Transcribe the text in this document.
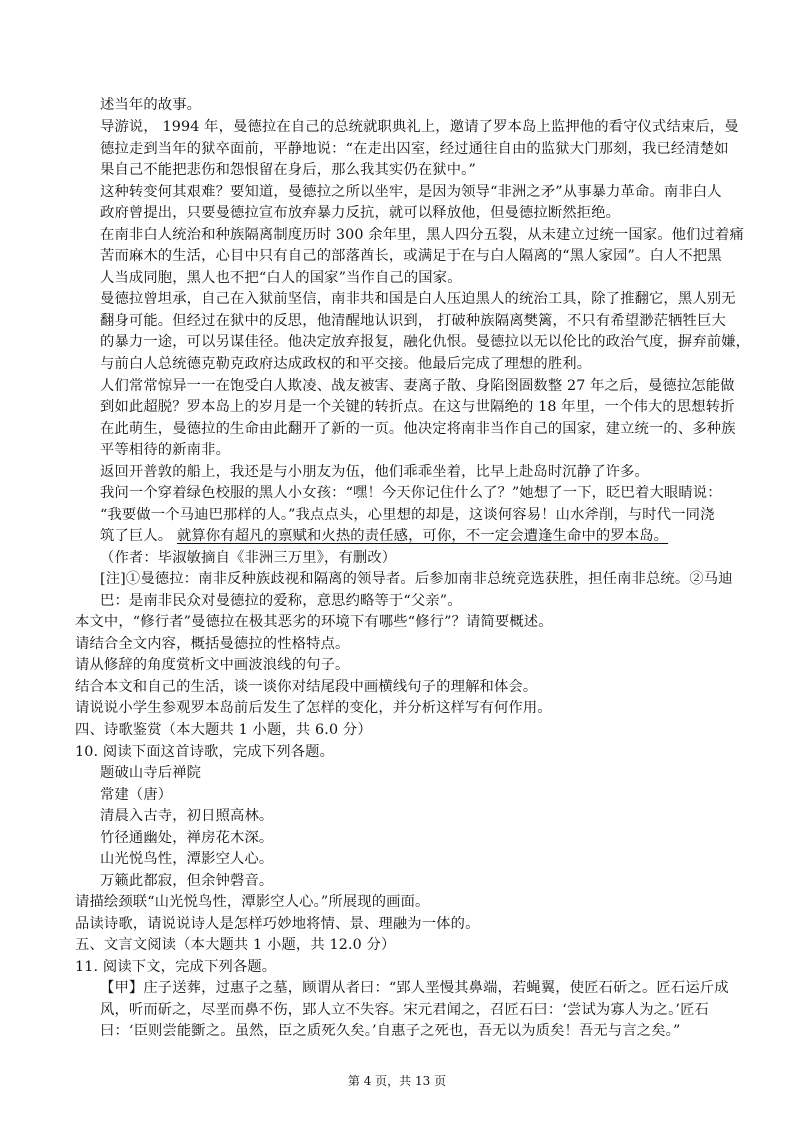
述当年的故事。
导游说， 1994 年，曼德拉在自己的总统就职典礼上，邀请了罗本岛上监押他的看守仪式结束后，曼
德拉走到当年的狱卒面前，平静地说：“在走出囚室，经过通往自由的监狱大门那刻，我已经清楚如
果自己不能把悲伤和怨恨留在身后，那么我其实仍在狱中。”
这种转变何其艰难？要知道，曼德拉之所以坐牢，是因为领导“非洲之矛”从事暴力革命。南非白人
政府曾提出，只要曼德拉宣布放弃暴力反抗，就可以释放他，但曼德拉断然拒绝。
在南非白人统治和种族隔离制度历时 300 余年里，黑人四分五裂，从未建立过统一国家。他们过着痛
苦而麻木的生活，心目中只有自己的部落酋长，或满足于在与白人隔离的“黑人家园”。白人不把黑
人当成同胞，黑人也不把“白人的国家”当作自己的国家。
曼德拉曾坦承，自己在入狱前坚信，南非共和国是白人压迫黑人的统治工具，除了推翻它，黑人别无
翻身可能。但经过在狱中的反思，他清醒地认识到， 打破种族隔离樊篱，不只有希望渺茫牺牲巨大
的暴力一途，可以另谋佳径。他决定放弃报复，融化仇恨。曼德拉以无以伦比的政治气度，摒弃前嫌，
与前白人总统德克勒克政府达成政权的和平交接。他最后完成了理想的胜利。
人们常常惊异一一在饱受白人欺凌、战友被害、妻离子散、身陷囹圄数整 27 年之后，曼德拉怎能做
到如此超脱？罗本岛上的岁月是一个关键的转折点。在这与世隔绝的 18 年里，一个伟大的思想转折
在此萌生，曼德拉的生命由此翻开了新的一页。他决定将南非当作自己的国家，建立统一的、多种族
平等相待的新南非。
返回开普敦的船上，我还是与小朋友为伍，他们乖乖坐着，比早上赴岛时沉静了许多。
我问一个穿着绿色校服的黑人小女孩：“嘿！今天你记住什么了？”她想了一下，眨巴着大眼睛说：
“我要做一个马迪巴那样的人。”我点点头，心里想的却是，这谈何容易！山水斧削，与时代一同浇
筑了巨人。 就算你有超凡的禀赋和火热的责任感，可你，不一定会遭逢生命中的罗本岛。
（作者：毕淑敏摘自《非洲三万里》，有删改）
[注]①曼德拉：南非反种族歧视和隔离的领导者。后参加南非总统竞选获胜，担任南非总统。②马迪
巴：是南非民众对曼德拉的爱称，意思约略等于“父亲”。
本文中，“修行者”曼德拉在极其恶劣的环境下有哪些“修行”？请简要概述。
请结合全文内容，概括曼德拉的性格特点。
请从修辞的角度赏析文中画波浪线的句子。
结合本文和自己的生活，谈一谈你对结尾段中画横线句子的理解和体会。
请说说小学生参观罗本岛前后发生了怎样的变化，并分析这样写有何作用。
四、诗歌鉴赏（本大题共 1 小题，共 6.0 分）
10. 阅读下面这首诗歌，完成下列各题。
题破山寺后禅院
常建（唐）
清晨入古寺，初日照高林。
竹径通幽处，禅房花木深。
山光悦鸟性，潭影空人心。
万籁此都寂，但余钟磬音。
请描绘颈联“山光悦鸟性，潭影空人心。”所展现的画面。
品读诗歌，请说说诗人是怎样巧妙地将情、景、理融为一体的。
五、文言文阅读（本大题共 1 小题，共 12.0 分）
11. 阅读下文，完成下列各题。
【甲】庄子送葬，过惠子之墓，顾谓从者曰：“郢人垩慢其鼻端，若蝇翼，使匠石斫之。匠石运斤成
风，听而斫之，尽垩而鼻不伤，郢人立不失容。宋元君闻之，召匠石曰：‘尝试为寡人为之。’匠石
曰：‘臣则尝能斵之。虽然，臣之质死久矣。’自惠子之死也，吾无以为质矣！吾无与言之矣。”
第 4 页，共 13 页
